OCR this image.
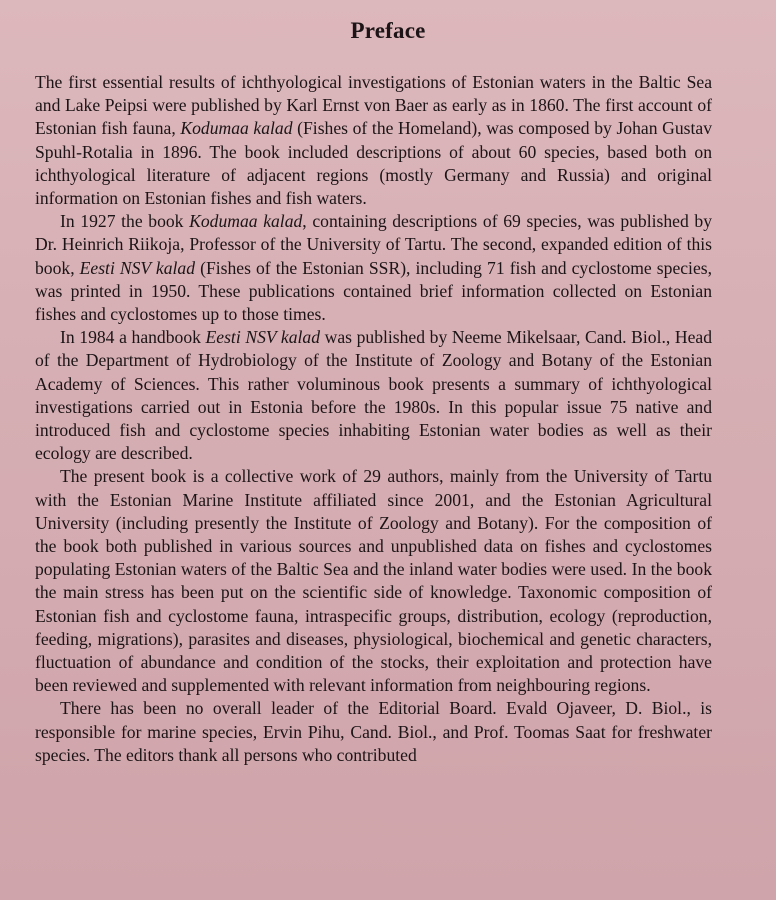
Preface

The first essential results of ichthyological investigations of Estonian waters in the Baltic Sea and Lake Peipsi were published by Karl Ernst von Baer as early as in 1860. The first account of Estonian fish fauna, Kodumaa kalad (Fishes of the Homeland), was composed by Johan Gustav Spuhl-Rotalia in 1896. The book included descriptions of about 60 species, based both on ichthyological literature of adjacent regions (mostly Germany and Russia) and original information on Estonian fishes and fish waters.

In 1927 the book Kodumaa kalad, containing descriptions of 69 species, was published by Dr. Heinrich Riikoja, Professor of the University of Tartu. The second, expanded edition of this book, Eesti NSV kalad (Fishes of the Estonian SSR), including 71 fish and cyclostome species, was printed in 1950. These publications contained brief information collected on Estonian fishes and cyclostomes up to those times.

In 1984 a handbook Eesti NSV kalad was published by Neeme Mikelsaar, Cand. Biol., Head of the Department of Hydrobiology of the Institute of Zoology and Botany of the Estonian Academy of Sciences. This rather voluminous book presents a summary of ichthyological investigations carried out in Estonia before the 1980s. In this popular issue 75 native and introduced fish and cyclostome species inhabiting Estonian water bodies as well as their ecology are described.

The present book is a collective work of 29 authors, mainly from the University of Tartu with the Estonian Marine Institute affiliated since 2001, and the Estonian Agricultural University (including presently the Institute of Zoology and Botany). For the composition of the book both published in various sources and unpublished data on fishes and cyclostomes populating Estonian waters of the Baltic Sea and the inland water bodies were used. In the book the main stress has been put on the scientific side of knowledge. Taxonomic composition of Estonian fish and cyclostome fauna, intraspecific groups, distribution, ecology (reproduction, feeding, migrations), parasites and diseases, physiological, biochemical and genetic characters, fluctuation of abundance and condition of the stocks, their exploitation and protection have been reviewed and supplemented with relevant information from neighbouring regions.

There has been no overall leader of the Editorial Board. Evald Ojaveer, D. Biol., is responsible for marine species, Ervin Pihu, Cand. Biol., and Prof. Toomas Saat for freshwater species. The editors thank all persons who contributed
